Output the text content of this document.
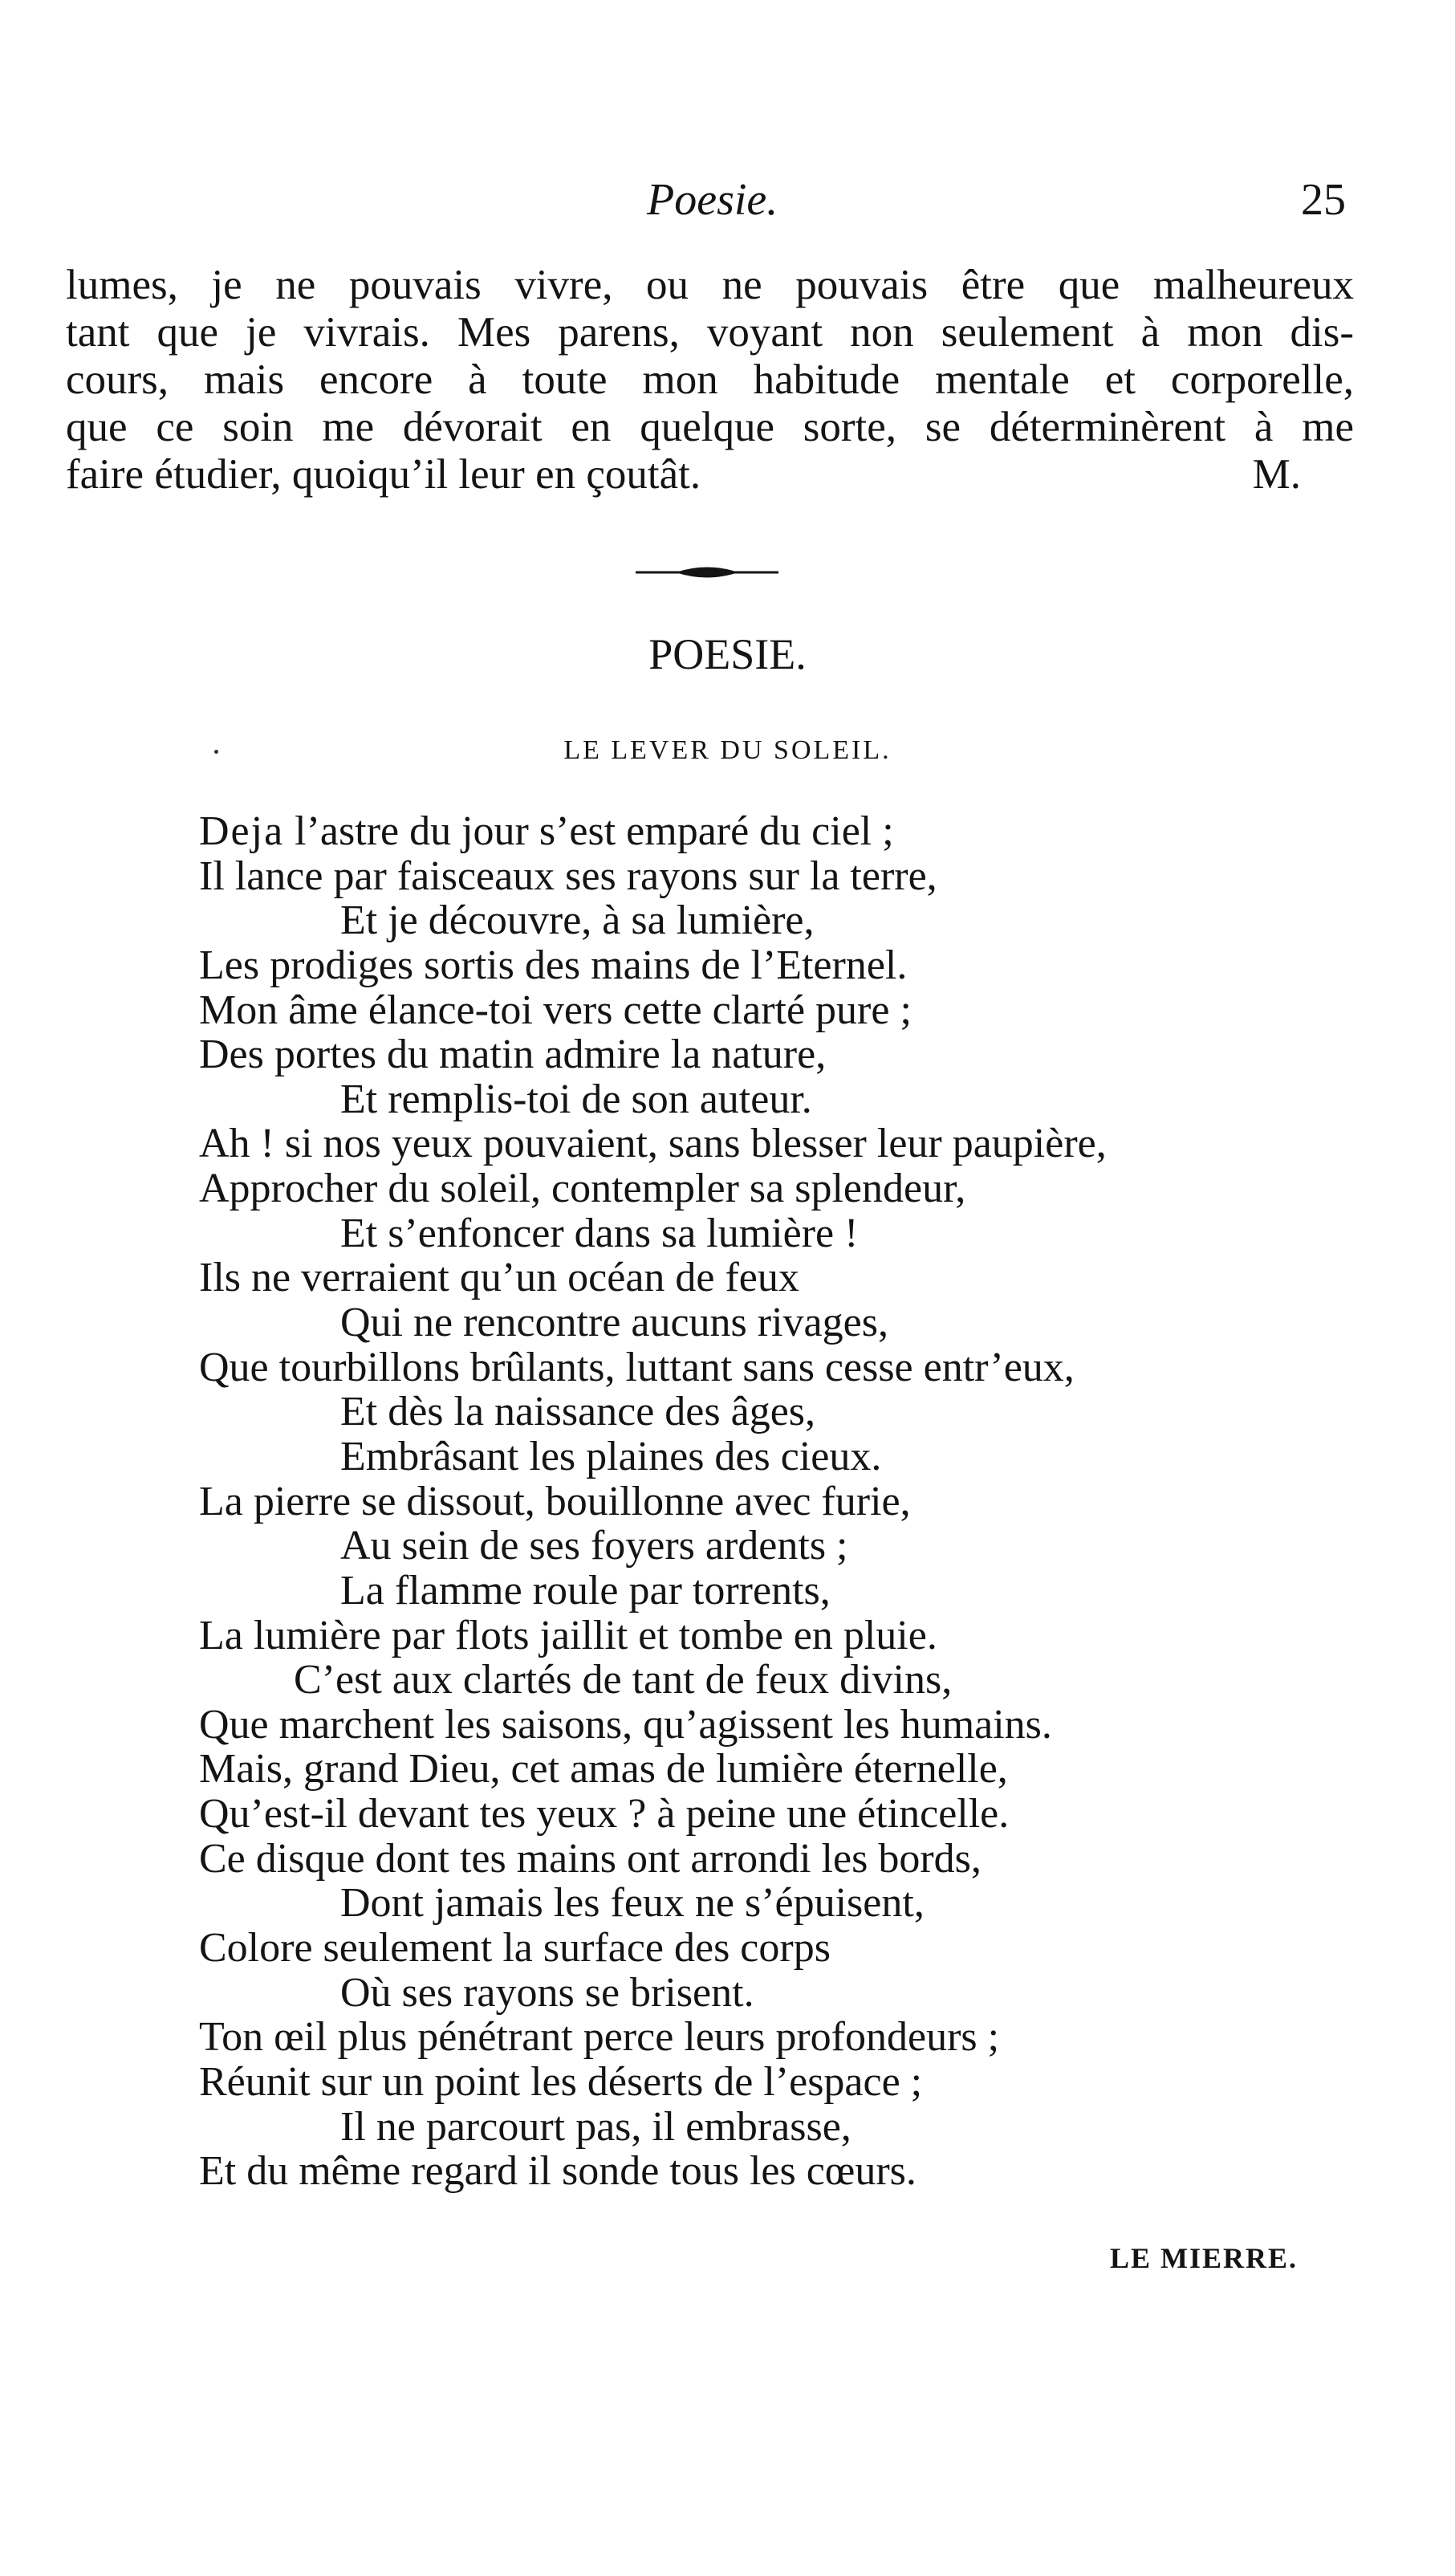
Poesie.	25
lumes, je ne pouvais vivre, ou ne pouvais être que malheureux
tant que je vivrais. Mes parens, voyant non seulement à mon dis-
cours, mais encore à toute mon habitude mentale et corporelle,
que ce soin me dévorait en quelque sorte, se déterminèrent à me
faire étudier, quoiqu’il leur en çoutât.	M.
POESIE.
LE LEVER DU SOLEIL.
Deja l’astre du jour s’est emparé du ciel ;
Il lance par faisceaux ses rayons sur la terre,
Et je découvre, à sa lumière,
Les prodiges sortis des mains de l’Eternel.
Mon âme élance-toi vers cette clarté pure ;
Des portes du matin admire la nature,
Et remplis-toi de son auteur.
Ah ! si nos yeux pouvaient, sans blesser leur paupière,
Approcher du soleil, contempler sa splendeur,
Et s’enfoncer dans sa lumière !
Ils ne verraient qu’un océan de feux
Qui ne rencontre aucuns rivages,
Que tourbillons brûlants, luttant sans cesse entr’eux,
Et dès la naissance des âges,
Embrâsant les plaines des cieux.
La pierre se dissout, bouillonne avec furie,
Au sein de ses foyers ardents ;
La flamme roule par torrents,
La lumière par flots jaillit et tombe en pluie.
C’est aux clartés de tant de feux divins,
Que marchent les saisons, qu’agissent les humains.
Mais, grand Dieu, cet amas de lumière éternelle,
Qu’est-il devant tes yeux ? à peine une étincelle.
Ce disque dont tes mains ont arrondi les bords,
Dont jamais les feux ne s’épuisent,
Colore seulement la surface des corps
Où ses rayons se brisent.
Ton œil plus pénétrant perce leurs profondeurs ;
Réunit sur un point les déserts de l’espace ;
Il ne parcourt pas, il embrasse,
Et du même regard il sonde tous les cœurs.
LE MIERRE.
